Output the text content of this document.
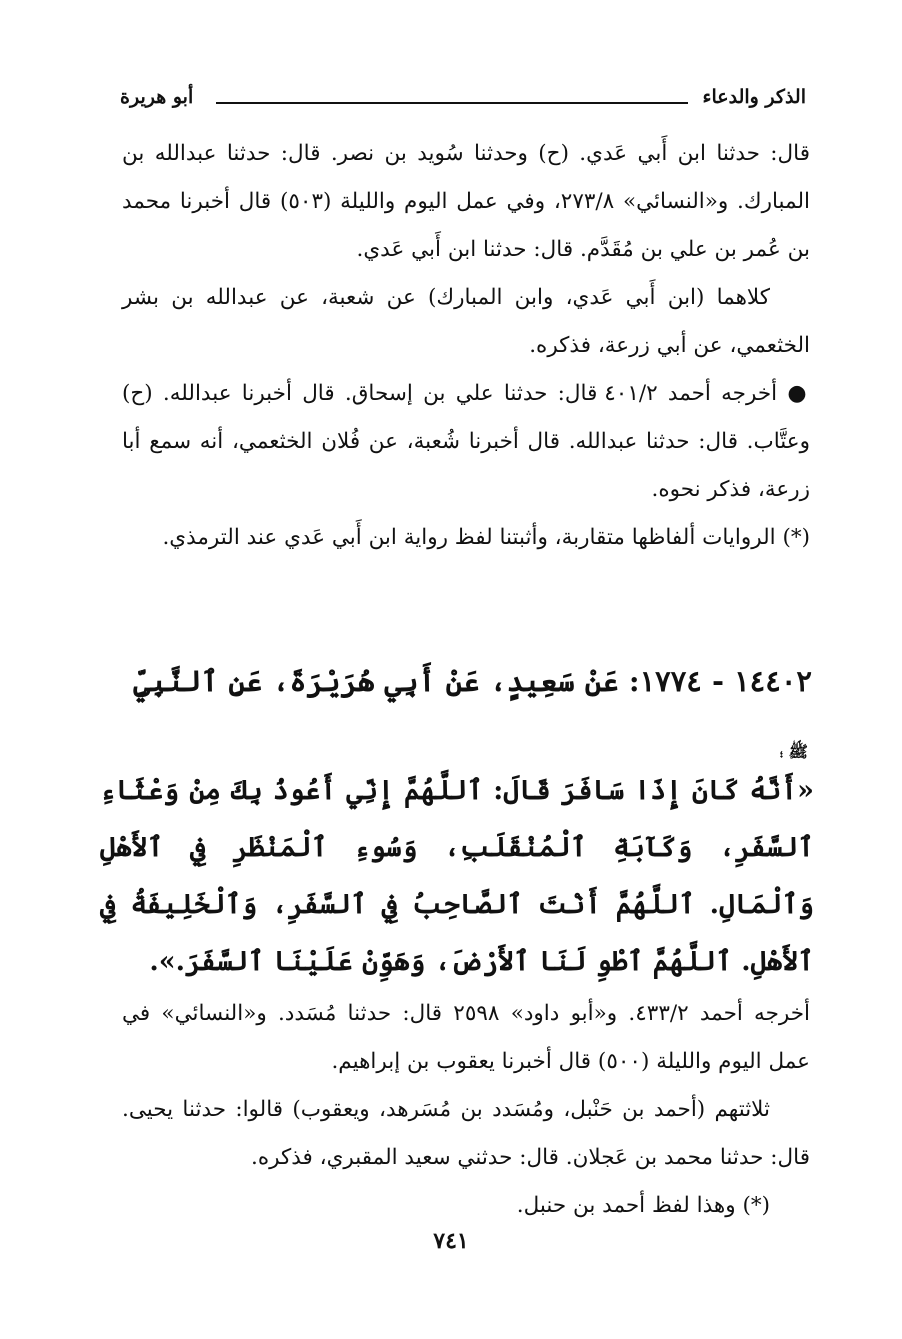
الذكر والدعاء
أبو هريرة

قال: حدثنا ابن أَبي عَدي. (ح) وحدثنا سُويد بن نصر. قال: حدثنا عبدالله بن المبارك. و«النسائي» ٢٧٣/٨، وفي عمل اليوم والليلة (٥٠٣) قال أخبرنا محمد بن عُمر بن علي بن مُقَدَّم. قال: حدثنا ابن أَبي عَدي.

كلاهما (ابن أَبي عَدي، وابن المبارك) عن شعبة، عن عبدالله بن بشر الخثعمي، عن أبي زرعة، فذكره.

● أخرجه أحمد ٤٠١/٢ قال: حدثنا علي بن إسحاق. قال أخبرنا عبدالله. (ح) وعتَّاب. قال: حدثنا عبدالله. قال أخبرنا شُعبة، عن فُلان الخثعمي، أنه سمع أبا زرعة، فذكر نحوه.

(*) الروايات ألفاظها متقاربة، وأثبتنا لفظ رواية ابن أَبي عَدي عند الترمذي.

١٤٤٠٢ - ١٧٧٤: عَنْ سَعِيدٍ، عَنْ أَبِي هُرَيْرَةَ، عَنِ ٱلنَّبِيِّ
ﷺ ؛
«أَنَّهُ كَانَ إِذَا سَافَرَ قَالَ: ٱللَّهُمَّ إِنِّي أَعُوذُ بِكَ مِنْ وَعْثَاءِ ٱلسَّفَرِ، وَكَآبَةِ ٱلْمُنْقَلَبِ، وَسُوءِ ٱلْمَنْظَرِ فِي ٱلأَهْلِ وَٱلْمَالِ. ٱللَّهُمَّ أَنْتَ ٱلصَّاحِبُ فِي ٱلسَّفَرِ، وَٱلْخَلِيفَةُ فِي ٱلأَهْلِ. ٱللَّهُمَّ ٱطْوِ لَنَا ٱلأَرْضَ، وَهَوِّنْ عَلَيْنَا ٱلسَّفَرَ.».

أخرجه أحمد ٤٣٣/٢. و«أبو داود» ٢٥٩٨ قال: حدثنا مُسَدد. و«النسائي» في عمل اليوم والليلة (٥٠٠) قال أخبرنا يعقوب بن إبراهيم.

ثلاثتهم (أحمد بن حَنْبل، ومُسَدد بن مُسَرهد، ويعقوب) قالوا: حدثنا يحيى. قال: حدثنا محمد بن عَجلان. قال: حدثني سعيد المقبري، فذكره.

(*) وهذا لفظ أحمد بن حنبل.

٧٤١
